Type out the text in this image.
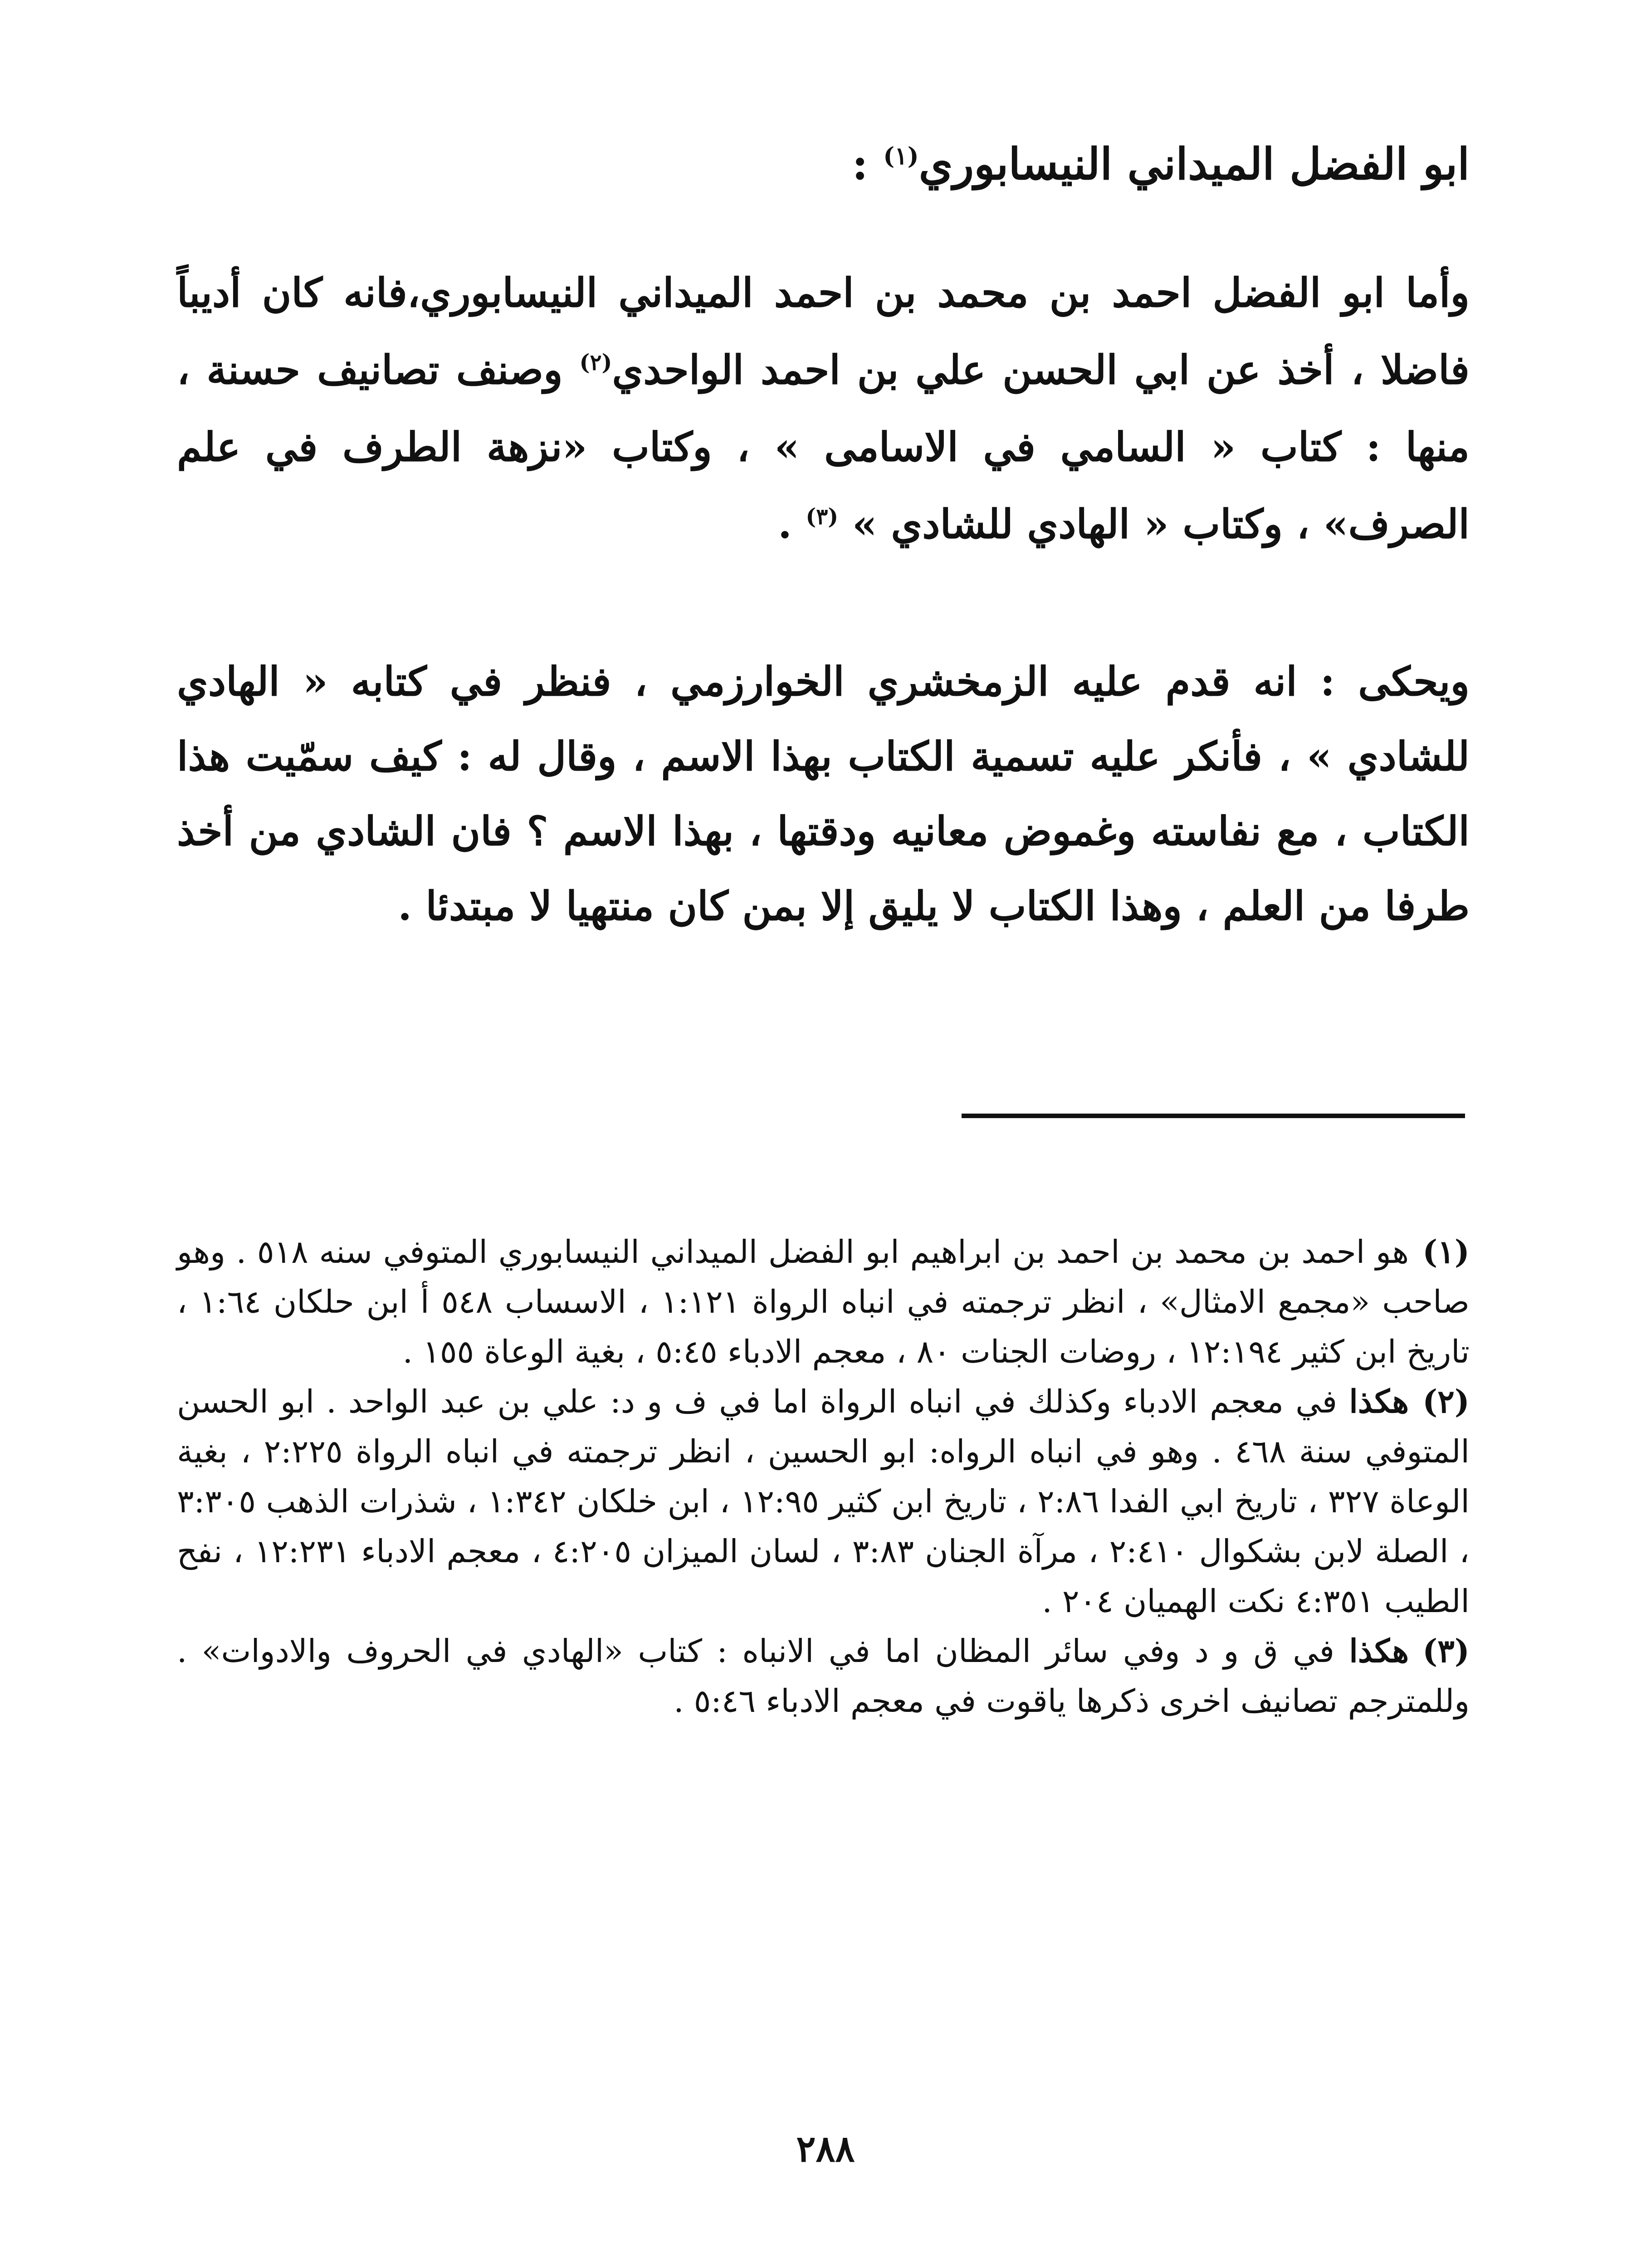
ابو الفضل الميداني النيسابوري$^{(١)}$ :
وأما ابو الفضل احمد بن محمد بن احمد الميداني النيسابوري،فانه كان أديباً فاضلا ، أخذ عن ابي الحسن علي بن احمد الواحدي$^{(٢)}$ وصنف تصانيف حسنة ، منها : كتاب « السامي في الاسامى » ، وكتاب «نزهة الطرف في علم الصرف» ، وكتاب « الهادي للشادي » $^{(٣)}$ .
ويحكى : انه قدم عليه الزمخشري الخوارزمي ، فنظر في كتابه « الهادي للشادي » ، فأنكر عليه تسمية الكتاب بهذا الاسم ، وقال له : كيف سمّيت هذا الكتاب ، مع نفاسته وغموض معانيه ودقتها ، بهذا الاسم ؟ فان الشادي من أخذ طرفا من العلم ، وهذا الكتاب لا يليق إلا بمن كان منتهيا لا مبتدئا .
(١)هو احمد بن محمد بن احمد بن ابراهيم ابو الفضل الميداني النيسابوري المتوفي سنه ٥١٨ . وهو صاحب «مجمع الامثال» ، انظر ترجمته في انباه الرواة ١:١٢١ ، الاسساب ٥٤٨ أ ابن حلكان ١:٦٤ ، تاريخ ابن كثير ١٢:١٩٤ ، روضات الجنات ٨٠ ، معجم الادباء ٥:٤٥ ، بغية الوعاة ١٥٥ .
(٢)هكذا في معجم الادباء وكذلك في انباه الرواة اما في ف و د: علي بن عبد الواحد . ابو الحسن المتوفي سنة ٤٦٨ . وهو في انباه الرواه: ابو الحسين ، انظر ترجمته في انباه الرواة ٢:٢٢٥ ، بغية الوعاة ٣٢٧ ، تاريخ ابي الفدا ٢:٨٦ ، تاريخ ابن كثير ١٢:٩٥ ، ابن خلكان ١:٣٤٢ ، شذرات الذهب ٣:٣٠٥ ، الصلة لابن بشكوال ٢:٤١٠ ، مرآة الجنان ٣:٨٣ ، لسان الميزان ٤:٢٠٥ ، معجم الادباء ١٢:٢٣١ ، نفح الطيب ٤:٣٥١ نكت الهميان ٢٠٤ .
(٣)هكذا في ق و د وفي سائر المظان اما في الانباه : كتاب «الهادي في الحروف والادوات» . وللمترجم تصانيف اخرى ذكرها ياقوت في معجم الادباء ٥:٤٦ .
٢٨٨
